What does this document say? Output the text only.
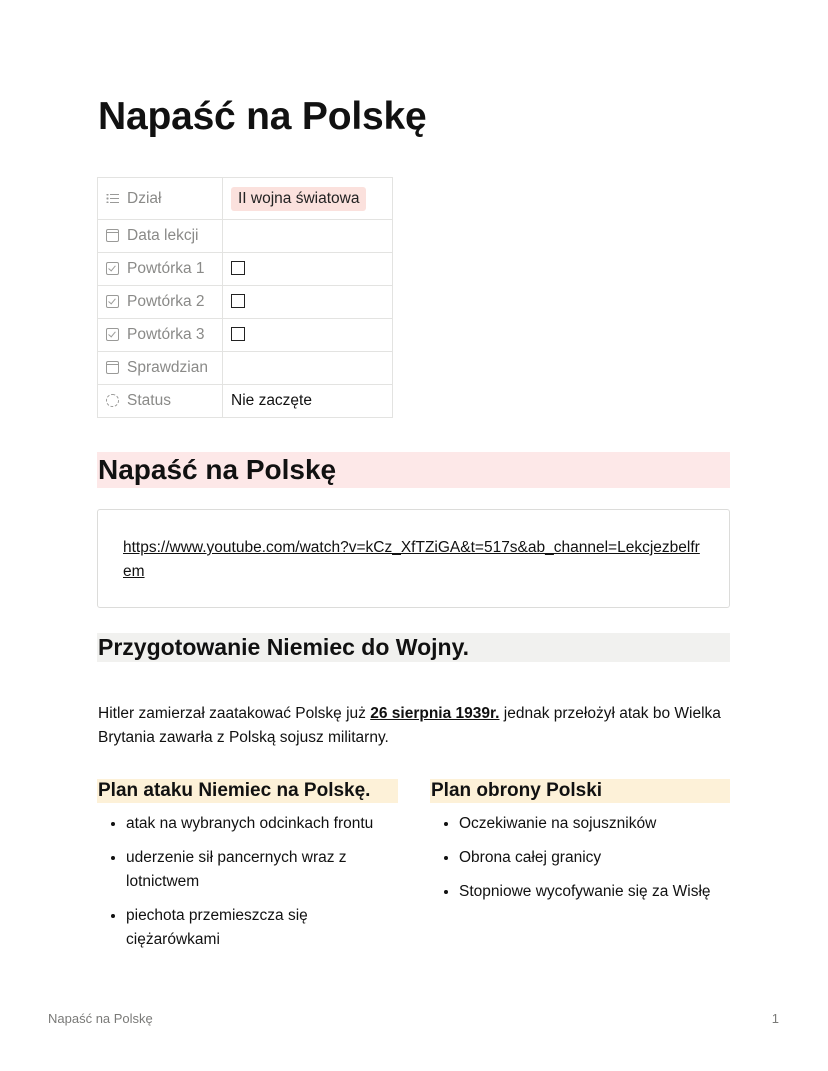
Napaść na Polskę
Dział	II wojna światowa
Data lekcji	
Powtórka 1	
Powtórka 2	
Powtórka 3	
Sprawdzian	
Status	Nie zaczęte
Napaść na Polskę
https://www.youtube.com/watch?v=kCz_XfTZiGA&t=517s&ab_channel=Lekcjezbelfrem
Przygotowanie Niemiec do Wojny.

Hitler zamierzał zaatakować Polskę już 26 sierpnia 1939r. jednak przełożył atak bo Wielka Brytania zawarła z Polską sojusz militarny.

Plan ataku Niemiec na Polskę.
• atak na wybranych odcinkach frontu
• uderzenie sił pancernych wraz z lotnictwem
• piechota przemieszcza się ciężarówkami
Plan obrony Polski
• Oczekiwanie na sojuszników
• Obrona całej granicy
• Stopniowe wycofywanie się za Wisłę
Napaść na Polskę	1
